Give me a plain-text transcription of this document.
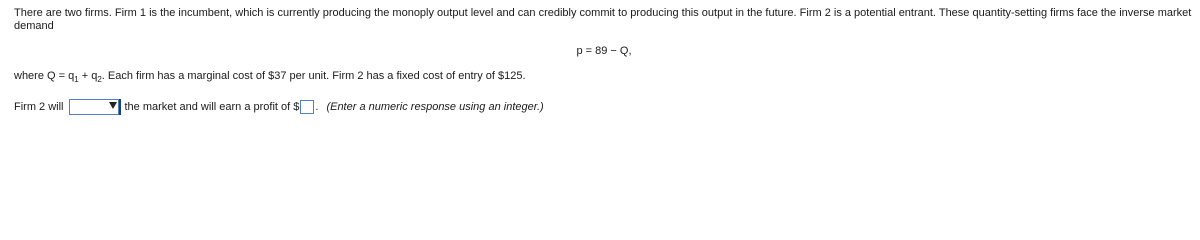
There are two firms. Firm 1 is the incumbent, which is currently producing the monoply output level and can credibly commit to producing this output in the future. Firm 2 is a potential entrant. These quantity-setting firms face the inverse market demand
p = 89 − Q,
where $Q = q_1 + q_2$. Each firm has a marginal cost of $37 per unit. Firm 2 has a fixed cost of entry of $125.
Firm 2 will	the market and will earn a profit of $ . (Enter a numeric response using an integer.)
